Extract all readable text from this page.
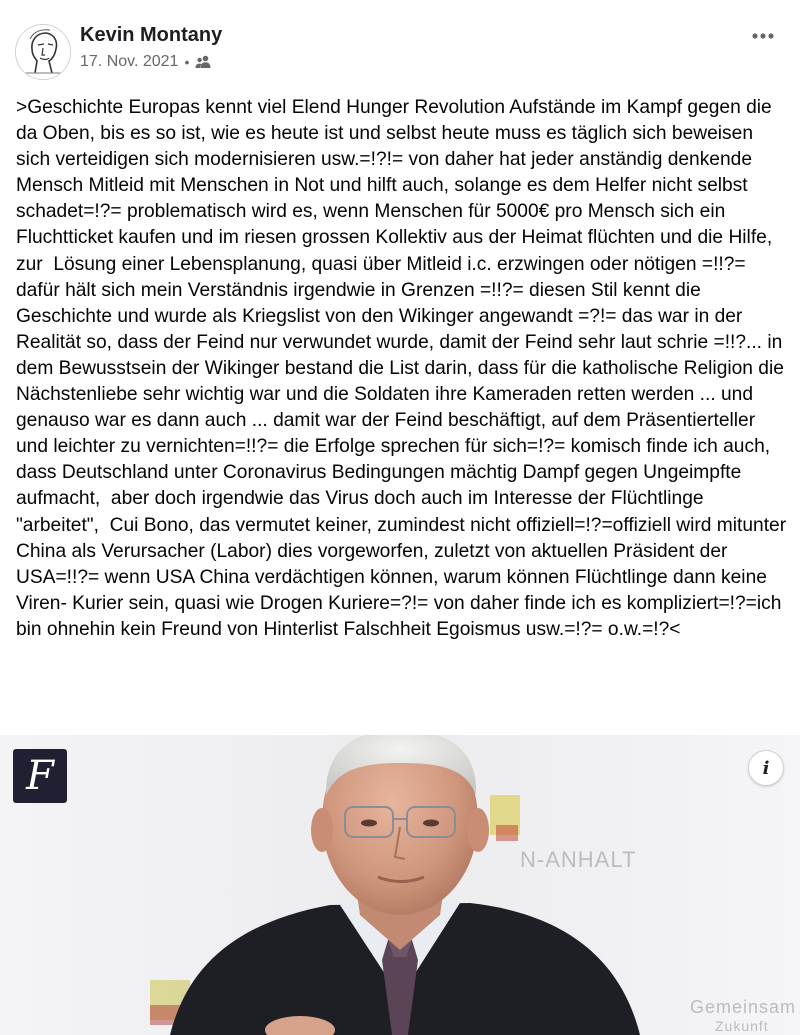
Kevin Montany
17. Nov. 2021 •
>Geschichte Europas kennt viel Elend Hunger Revolution Aufstände im Kampf gegen die da Oben, bis es so ist, wie es heute ist und selbst heute muss es täglich sich beweisen sich verteidigen sich modernisieren usw.=!?!= von daher hat jeder anständig denkende Mensch Mitleid mit Menschen in Not und hilft auch, solange es dem Helfer nicht selbst schadet=!?= problematisch wird es, wenn Menschen für 5000€ pro Mensch sich ein Fluchtticket kaufen und im riesen grossen Kollektiv aus der Heimat flüchten und die Hilfe, zur  Lösung einer Lebensplanung, quasi über Mitleid i.c. erzwingen oder nötigen =!!?= dafür hält sich mein Verständnis irgendwie in Grenzen =!!?= diesen Stil kennt die Geschichte und wurde als Kriegslist von den Wikinger angewandt =?!= das war in der Realität so, dass der Feind nur verwundet wurde, damit der Feind sehr laut schrie =!!?... in dem Bewusstsein der Wikinger bestand die List darin, dass für die katholische Religion die Nächstenliebe sehr wichtig war und die Soldaten ihre Kameraden retten werden ... und genauso war es dann auch ... damit war der Feind beschäftigt, auf dem Präsentierteller und leichter zu vernichten=!!?= die Erfolge sprechen für sich=!?= komisch finde ich auch, dass Deutschland unter Coronavirus Bedingungen mächtig Dampf gegen Ungeimpfte aufmacht,  aber doch irgendwie das Virus doch auch im Interesse der Flüchtlinge "arbeitet",  Cui Bono, das vermutet keiner, zumindest nicht offiziell=!?=offiziell wird mitunter China als Verursacher (Labor) dies vorgeworfen, zuletzt von aktuellen Präsident der USA=!!?= wenn USA China verdächtigen können, warum können Flüchtlinge dann keine Viren- Kurier sein, quasi wie Drogen Kuriere=?!= von daher finde ich es kompliziert=!?=ich bin ohnehin kein Freund von Hinterlist Falschheit Egoismus usw.=!?= o.w.=!?<
N-ANHALT
Gemeinsam
Zukunft
F	i
